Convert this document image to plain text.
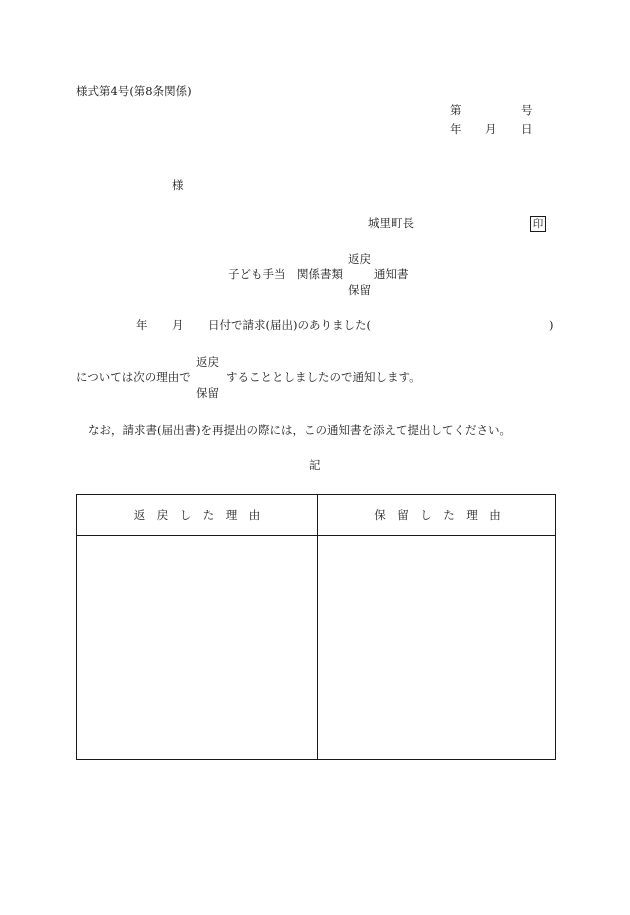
様式第4号(第8条関係)
第	号
年 月 日
様
城里町長	印
返戻
子ども手当　関係書類	通知書
保留
年 月 日付で請求(届出)のありました(	)
返戻
については次の理由で	することとしましたので通知します。
保留
なお，請求書(届出書)を再提出の際には，この通知書を添えて提出してください。
記
返　戻　し　た　理　由	保　留　し　た　理　由
